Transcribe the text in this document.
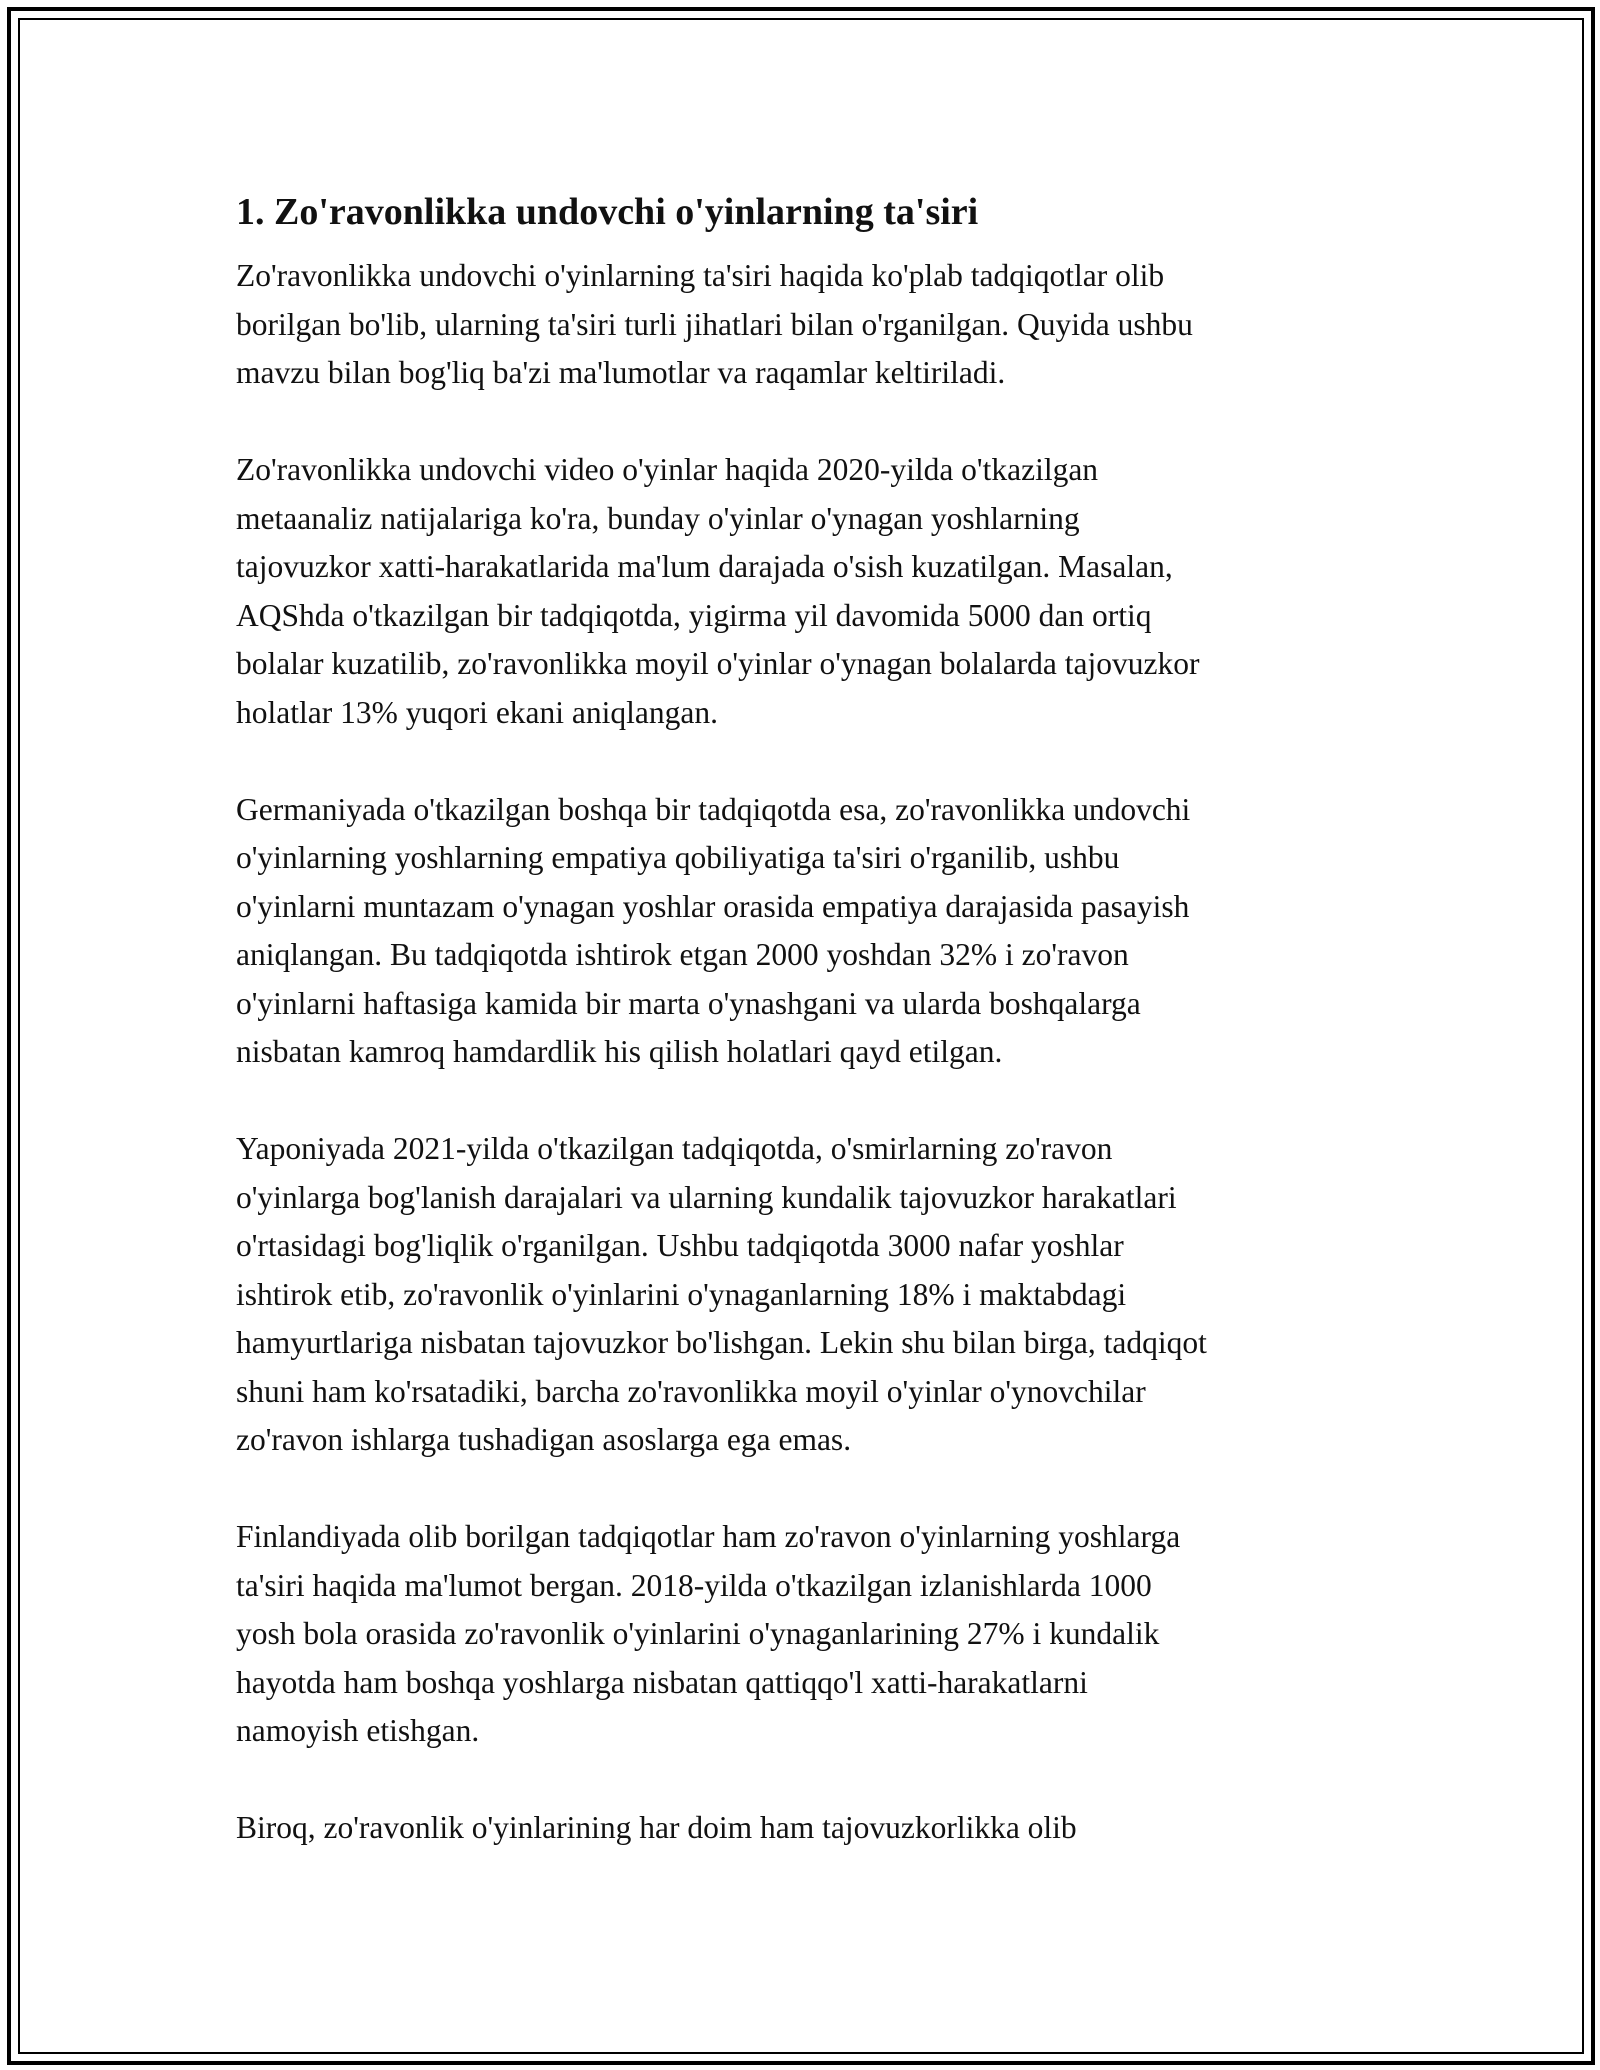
1. Zo'ravonlikka undovchi o'yinlarning ta'siri
Zo'ravonlikka undovchi o'yinlarning ta'siri haqida ko'plab tadqiqotlar olib
borilgan bo'lib, ularning ta'siri turli jihatlari bilan o'rganilgan. Quyida ushbu
mavzu bilan bog'liq ba'zi ma'lumotlar va raqamlar keltiriladi.
Zo'ravonlikka undovchi video o'yinlar haqida 2020-yilda o'tkazilgan
metaanaliz natijalariga ko'ra, bunday o'yinlar o'ynagan yoshlarning
tajovuzkor xatti-harakatlarida ma'lum darajada o'sish kuzatilgan. Masalan,
AQShda o'tkazilgan bir tadqiqotda, yigirma yil davomida 5000 dan ortiq
bolalar kuzatilib, zo'ravonlikka moyil o'yinlar o'ynagan bolalarda tajovuzkor
holatlar 13% yuqori ekani aniqlangan.
Germaniyada o'tkazilgan boshqa bir tadqiqotda esa, zo'ravonlikka undovchi
o'yinlarning yoshlarning empatiya qobiliyatiga ta'siri o'rganilib, ushbu
o'yinlarni muntazam o'ynagan yoshlar orasida empatiya darajasida pasayish
aniqlangan. Bu tadqiqotda ishtirok etgan 2000 yoshdan 32% i zo'ravon
o'yinlarni haftasiga kamida bir marta o'ynashgani va ularda boshqalarga
nisbatan kamroq hamdardlik his qilish holatlari qayd etilgan.
Yaponiyada 2021-yilda o'tkazilgan tadqiqotda, o'smirlarning zo'ravon
o'yinlarga bog'lanish darajalari va ularning kundalik tajovuzkor harakatlari
o'rtasidagi bog'liqlik o'rganilgan. Ushbu tadqiqotda 3000 nafar yoshlar
ishtirok etib, zo'ravonlik o'yinlarini o'ynaganlarning 18% i maktabdagi
hamyurtlariga nisbatan tajovuzkor bo'lishgan. Lekin shu bilan birga, tadqiqot
shuni ham ko'rsatadiki, barcha zo'ravonlikka moyil o'yinlar o'ynovchilar
zo'ravon ishlarga tushadigan asoslarga ega emas.
Finlandiyada olib borilgan tadqiqotlar ham zo'ravon o'yinlarning yoshlarga
ta'siri haqida ma'lumot bergan. 2018-yilda o'tkazilgan izlanishlarda 1000
yosh bola orasida zo'ravonlik o'yinlarini o'ynaganlarining 27% i kundalik
hayotda ham boshqa yoshlarga nisbatan qattiqqo'l xatti-harakatlarni
namoyish etishgan.
Biroq, zo'ravonlik o'yinlarining har doim ham tajovuzkorlikka olib
